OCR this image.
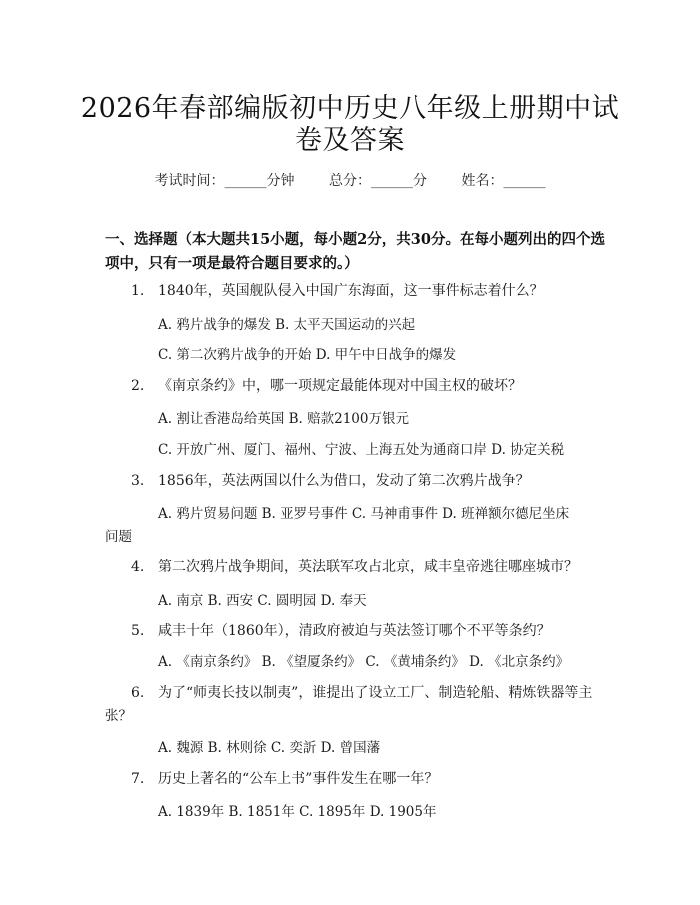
2026年春部编版初中历史八年级上册期中试
卷及答案
考试时间：______分钟 总分：______分 姓名：______
一、选择题（本大题共15小题，每小题2分，共30分。在每小题列出的四个选
项中，只有一项是最符合题目要求的。）
1. 1840年，英国舰队侵入中国广东海面，这一事件标志着什么？
A. 鸦片战争的爆发 B. 太平天国运动的兴起
C. 第二次鸦片战争的开始 D. 甲午中日战争的爆发
2. 《南京条约》中，哪一项规定最能体现对中国主权的破坏？
A. 割让香港岛给英国 B. 赔款2100万银元
C. 开放广州、厦门、福州、宁波、上海五处为通商口岸 D. 协定关税
3. 1856年，英法两国以什么为借口，发动了第二次鸦片战争？
A. 鸦片贸易问题 B. 亚罗号事件 C. 马神甫事件 D. 班禅额尔德尼坐床
问题
4. 第二次鸦片战争期间，英法联军攻占北京，咸丰皇帝逃往哪座城市？
A. 南京 B. 西安 C. 圆明园 D. 奉天
5. 咸丰十年（1860年），清政府被迫与英法签订哪个不平等条约？
A. 《南京条约》 B. 《望厦条约》 C. 《黄埔条约》 D. 《北京条约》
6. 为了“师夷长技以制夷”，谁提出了设立工厂、制造轮船、精炼铁器等主
张？
A. 魏源 B. 林则徐 C. 奕訢 D. 曾国藩
7. 历史上著名的“公车上书”事件发生在哪一年？
A. 1839年 B. 1851年 C. 1895年 D. 1905年
